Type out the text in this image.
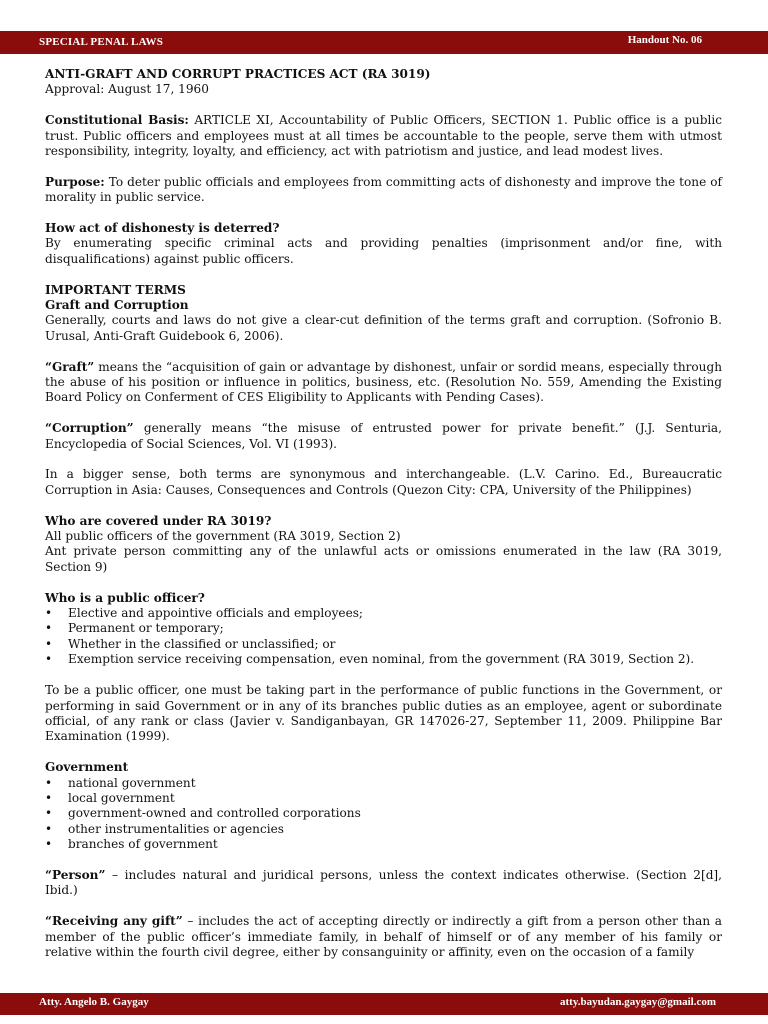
SPECIAL PENAL LAWS	Handout No. 06

ANTI-GRAFT AND CORRUPT PRACTICES ACT (RA 3019)

Approval: August 17, 1960

Constitutional Basis: ARTICLE XI, Accountability of Public Officers, SECTION 1. Public office is a public trust. Public officers and employees must at all times be accountable to the people, serve them with utmost responsibility, integrity, loyalty, and efficiency, act with patriotism and justice, and lead modest lives.

Purpose: To deter public officials and employees from committing acts of dishonesty and improve the tone of morality in public service.

How act of dishonesty is deterred?

By enumerating specific criminal acts and providing penalties (imprisonment and/or fine, with disqualifications) against public officers.

IMPORTANT TERMS

Graft and Corruption

Generally, courts and laws do not give a clear-cut definition of the terms graft and corruption. (Sofronio B. Urusal, Anti-Graft Guidebook 6, 2006).

“Graft” means the “acquisition of gain or advantage by dishonest, unfair or sordid means, especially through the abuse of his position or influence in politics, business, etc. (Resolution No. 559, Amending the Existing Board Policy on Conferment of CES Eligibility to Applicants with Pending Cases).

“Corruption” generally means “the misuse of entrusted power for private benefit.” (J.J. Senturia, Encyclopedia of Social Sciences, Vol. VI (1993).

In a bigger sense, both terms are synonymous and interchangeable. (L.V. Carino. Ed., Bureaucratic Corruption in Asia: Causes, Consequences and Controls (Quezon City: CPA, University of the Philippines)

Who are covered under RA 3019?

All public officers of the government (RA 3019, Section 2)

Ant private person committing any of the unlawful acts or omissions enumerated in the law (RA 3019, Section 9)

Who is a public officer?

• Elective and appointive officials and employees;
• Permanent or temporary;
• Whether in the classified or unclassified; or
• Exemption service receiving compensation, even nominal, from the government (RA 3019, Section 2).

To be a public officer, one must be taking part in the performance of public functions in the Government, or performing in said Government or in any of its branches public duties as an employee, agent or subordinate official, of any rank or class (Javier v. Sandiganbayan, GR 147026-27, September 11, 2009. Philippine Bar Examination (1999).

Government

• national government
• local government
• government-owned and controlled corporations
• other instrumentalities or agencies
• branches of government

“Person” – includes natural and juridical persons, unless the context indicates otherwise. (Section 2[d], Ibid.)

“Receiving any gift” – includes the act of accepting directly or indirectly a gift from a person other than a member of the public officer’s immediate family, in behalf of himself or of any member of his family or relative within the fourth civil degree, either by consanguinity or affinity, even on the occasion of a family

Atty. Angelo B. Gaygay	atty.bayudan.gaygay@gmail.com
